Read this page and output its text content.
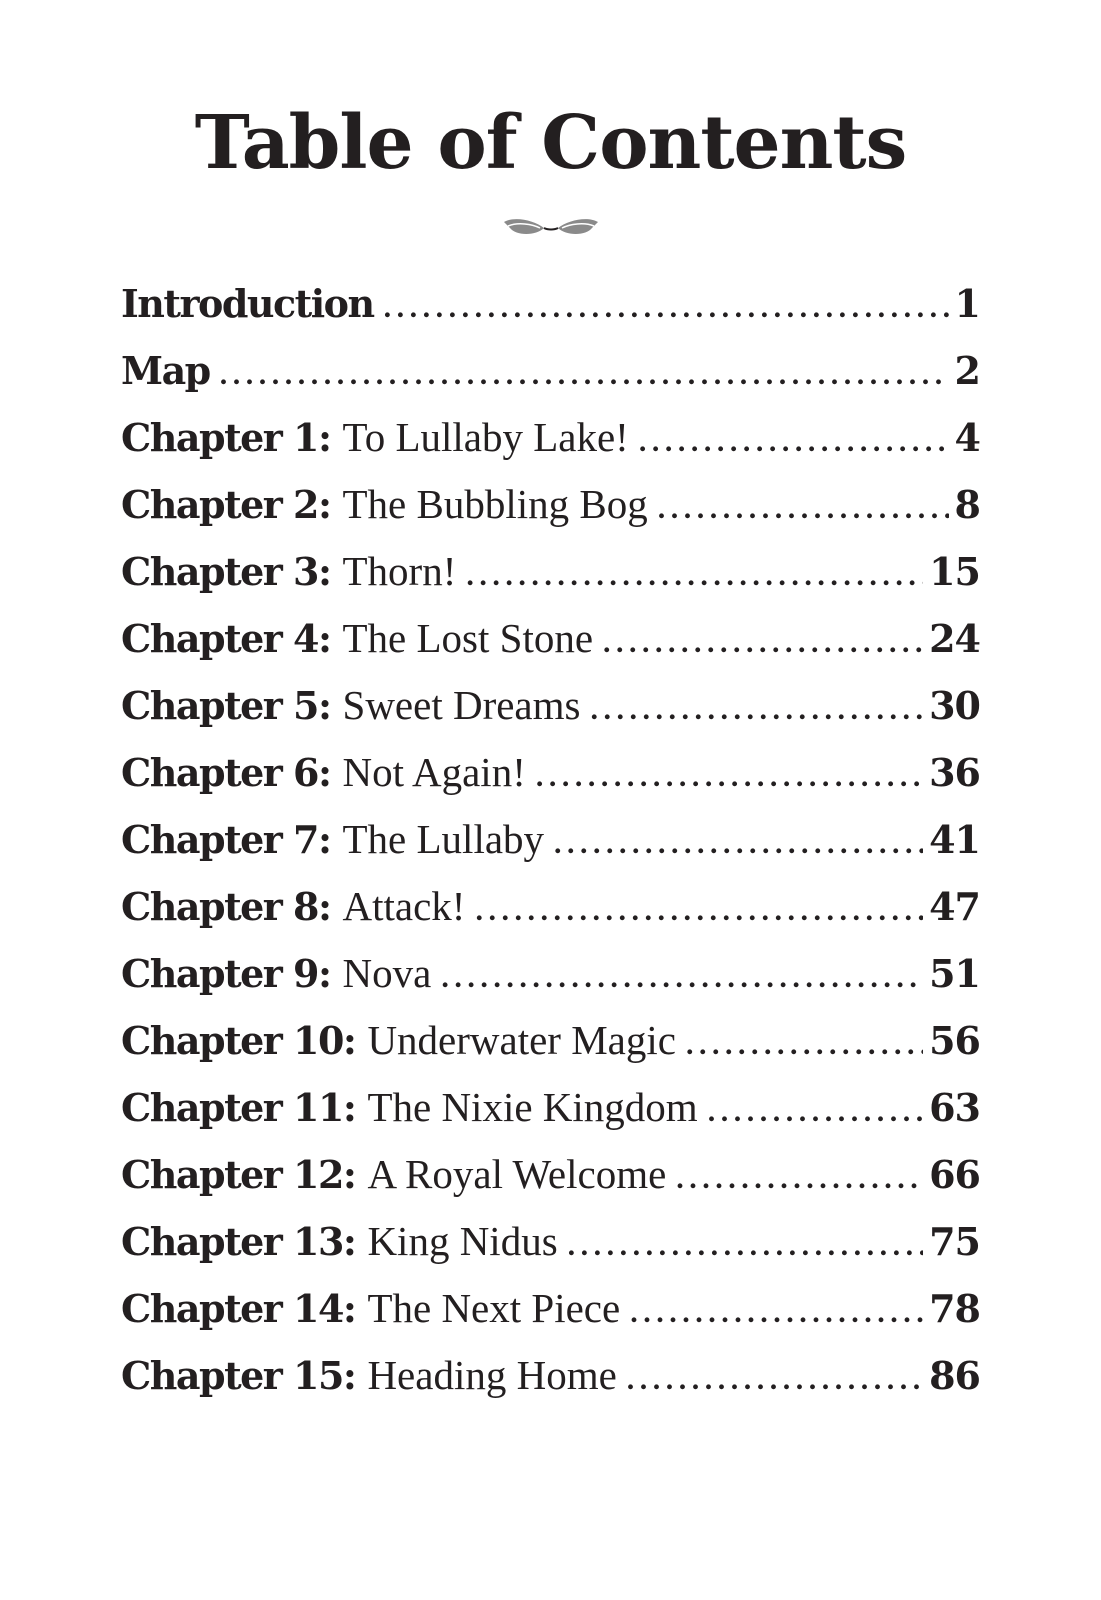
Table of Contents
Introduction . . .	1
Map . . .	2
Chapter 1: To Lullaby Lake! . . .	4
Chapter 2: The Bubbling Bog . . .	8
Chapter 3: Thorn! . . .	15
Chapter 4: The Lost Stone . . .	24
Chapter 5: Sweet Dreams . . .	30
Chapter 6: Not Again! . . .	36
Chapter 7: The Lullaby . . .	41
Chapter 8: Attack! . . .	47
Chapter 9: Nova . . .	51
Chapter 10: Underwater Magic . . .	56
Chapter 11: The Nixie Kingdom . . .	63
Chapter 12: A Royal Welcome . . .	66
Chapter 13: King Nidus . . .	75
Chapter 14: The Next Piece . . .	78
Chapter 15: Heading Home . . .	86
